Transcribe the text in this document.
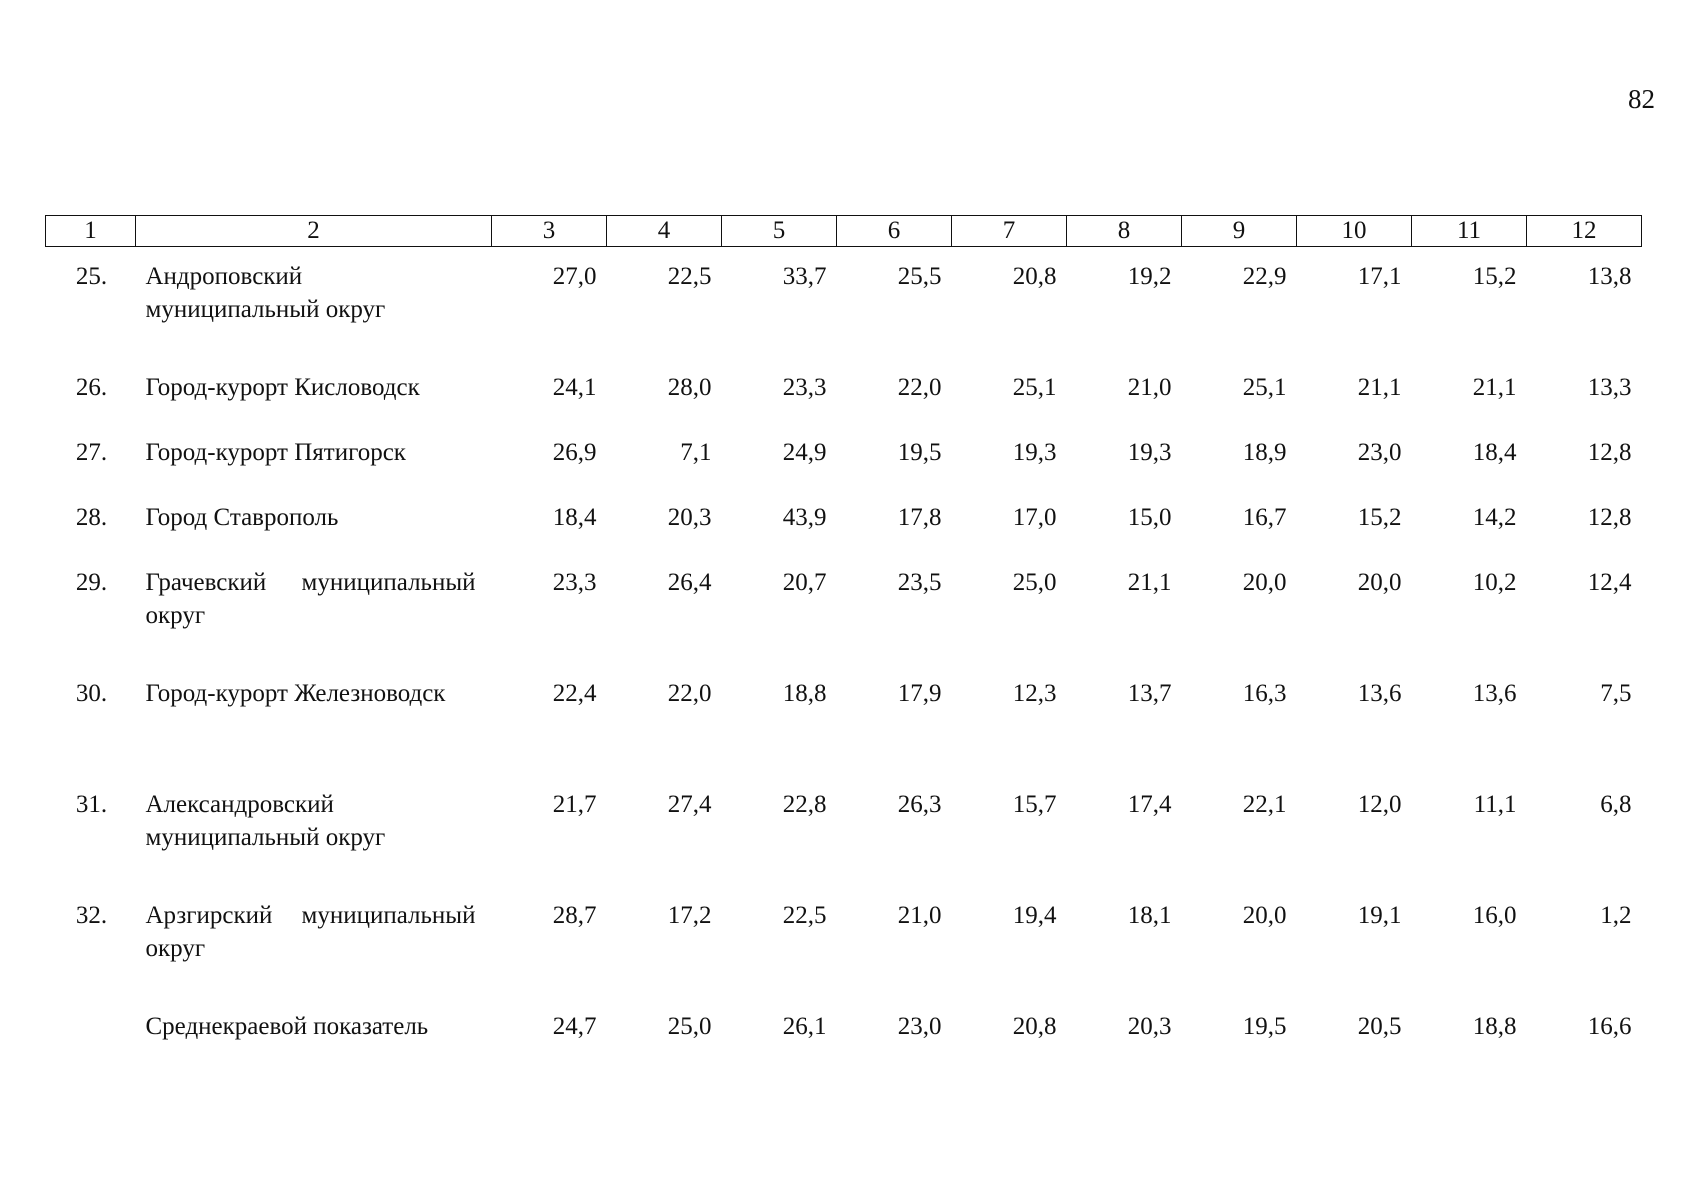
82
1	2	3	4	5	6	7	8	9	10	11	12
25.	Андроповский муниципальный округ	27,0	22,5	33,7	25,5	20,8	19,2	22,9	17,1	15,2	13,8
26.	Город-курорт Кисловодск	24,1	28,0	23,3	22,0	25,1	21,0	25,1	21,1	21,1	13,3
27.	Город-курорт Пятигорск	26,9	7,1	24,9	19,5	19,3	19,3	18,9	23,0	18,4	12,8
28.	Город Ставрополь	18,4	20,3	43,9	17,8	17,0	15,0	16,7	15,2	14,2	12,8
29.	Грачевский муниципальный округ	23,3	26,4	20,7	23,5	25,0	21,1	20,0	20,0	10,2	12,4
30.	Город-курорт Железноводск	22,4	22,0	18,8	17,9	12,3	13,7	16,3	13,6	13,6	7,5
31.	Александровский муниципальный округ	21,7	27,4	22,8	26,3	15,7	17,4	22,1	12,0	11,1	6,8
32.	Арзгирский муниципальный округ	28,7	17,2	22,5	21,0	19,4	18,1	20,0	19,1	16,0	1,2
	Среднекраевой показатель	24,7	25,0	26,1	23,0	20,8	20,3	19,5	20,5	18,8	16,6
